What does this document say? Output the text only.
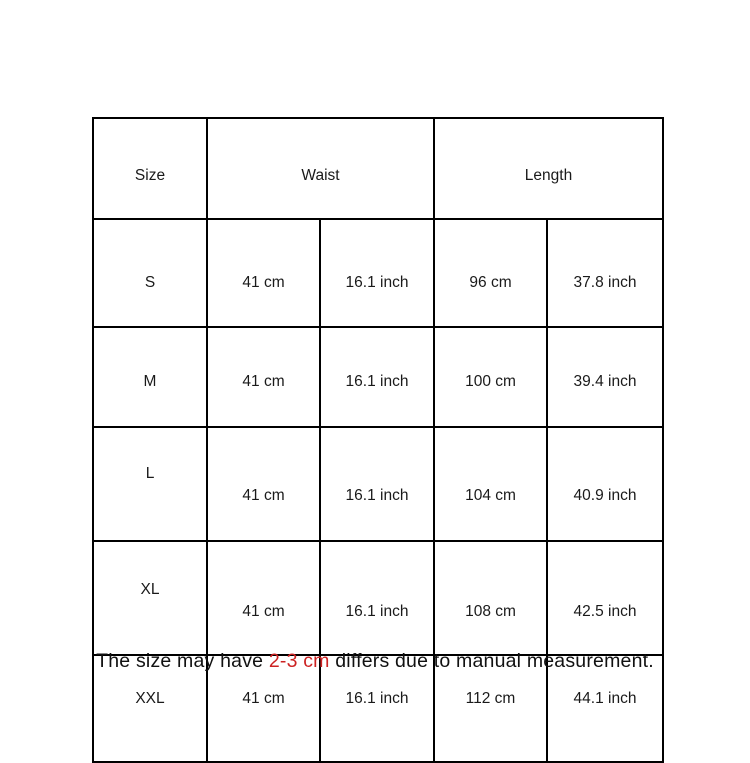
Size	Waist		Length	
S	41 cm	16.1 inch	96 cm	37.8 inch
M	41 cm	16.1 inch	100 cm	39.4 inch
L	41 cm	16.1 inch	104 cm	40.9 inch
XL	41 cm	16.1 inch	108 cm	42.5 inch
XXL	41 cm	16.1 inch	112 cm	44.1 inch
The size may have 2-3 cm differs due to manual measurement.
